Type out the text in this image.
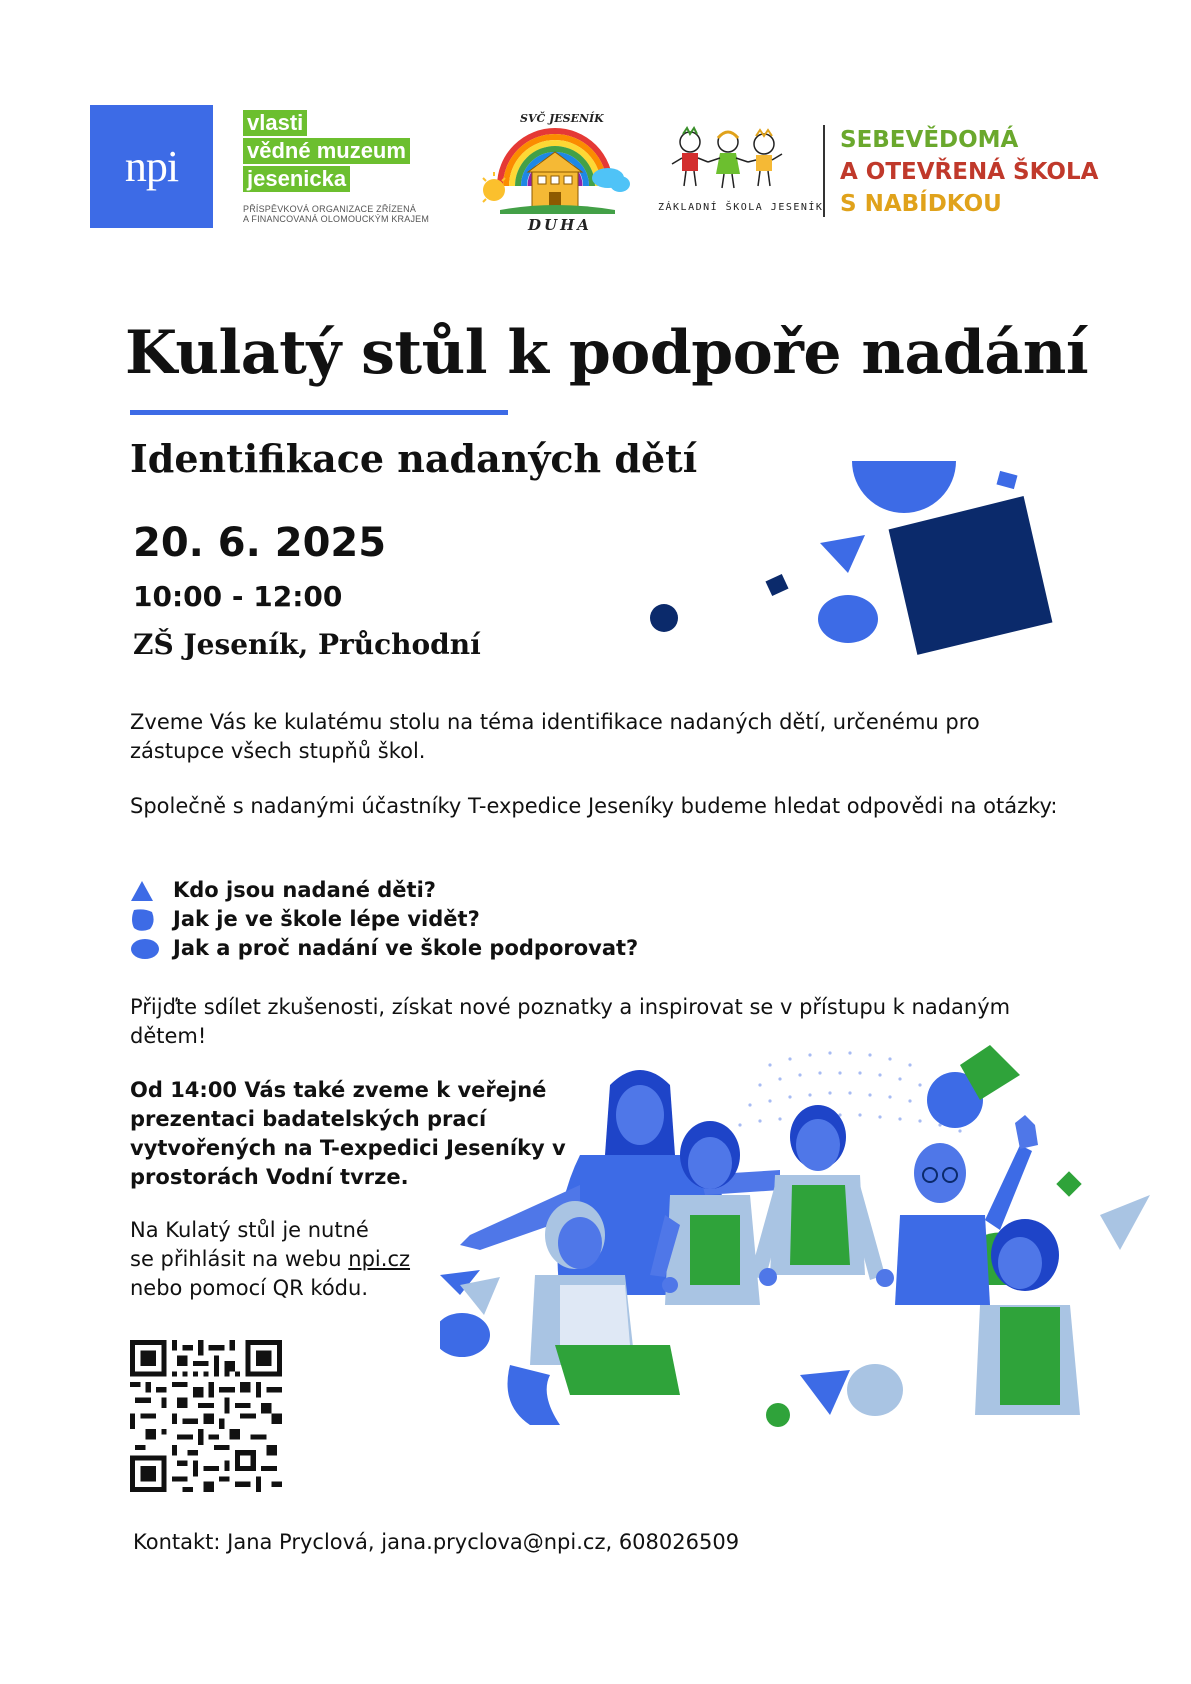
npi
vlasti
vědné muzeum
jesenicka
PŘÍSPĚVKOVÁ ORGANIZACE ZŘÍZENÁ
A FINANCOVANÁ OLOMOUCKÝM KRAJEM
SVČ JESENÍK
DUHA
ZÁKLADNÍ ŠKOLA JESENÍK
SEBEVĚDOMÁ
A OTEVŘENÁ ŠKOLA
S NABÍDKOU
Kulatý stůl k podpoře nadání
Identifikace nadaných dětí
20. 6. 2025
10:00 - 12:00
ZŠ Jeseník, Průchodní
Zveme Vás ke kulatému stolu na téma identifikace nadaných dětí, určenému pro zástupce všech stupňů škol.
Společně s nadanými účastníky T-expedice Jeseníky budeme hledat odpovědi na otázky:
Kdo jsou nadané děti?
Jak je ve škole lépe vidět?
Jak a proč nadání ve škole podporovat?
Přijďte sdílet zkušenosti, získat nové poznatky a inspirovat se v přístupu k nadaným dětem!
Od 14:00 Vás také zveme k veřejné prezentaci badatelských prací vytvořených na T-expedici Jeseníky v prostorách Vodní tvrze.
Na Kulatý stůl je nutné
se přihlásit na webu npi.cz
nebo pomocí QR kódu.
Kontakt: Jana Pryclová, jana.pryclova@npi.cz, 608026509
